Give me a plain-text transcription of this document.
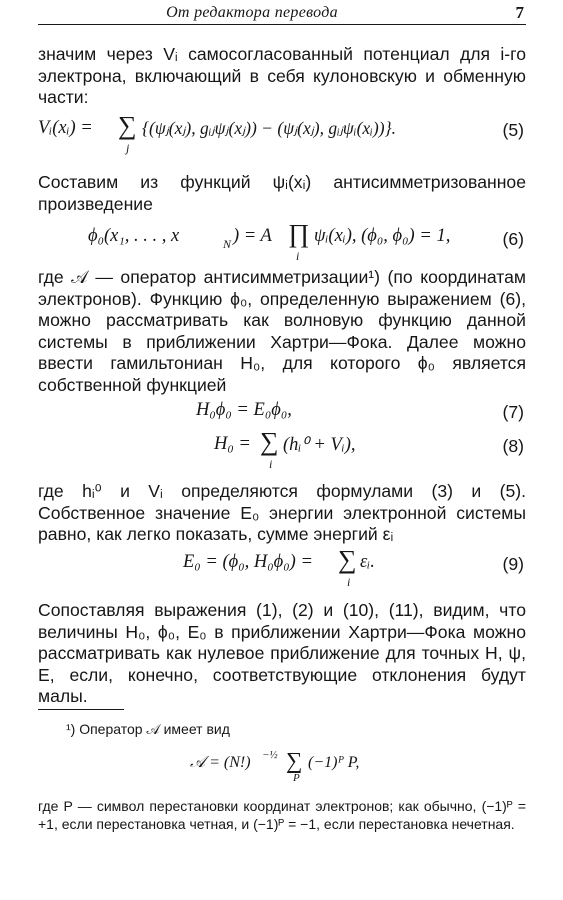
От редактора перевода	7

значим через Vᵢ самосогласованный потенциал для i-го электрона, включающий в себя кулоновскую и обменную части:

Vᵢ(xᵢ) = ∑
j
{(ψⱼ(xⱼ), gᵢⱼψⱼ(xⱼ)) − (ψⱼ(xⱼ), gᵢⱼψᵢ(xᵢ))}.	(5)

Составим из функций ψᵢ(xᵢ) антисимметризованное произведение

ϕ₀(x₁, . . . , x	N ) = A ∏
i
ψᵢ(xᵢ), (ϕ₀, ϕ₀) = 1,	(6)

где 𝒜 — оператор антисимметризации¹) (по координатам электронов). Функцию ϕ₀, определенную выражением (6), можно рассматривать как волновую функцию данной системы в приближении Хартри—Фока. Далее можно ввести гамильтониан H₀, для которого ϕ₀ является собственной функцией

H₀ϕ₀ = E₀ϕ₀,	(7)
H₀ = ∑
i
(hᵢ⁰ + Vᵢ),	(8)

где hᵢ⁰ и Vᵢ определяются формулами (3) и (5). Собственное значение E₀ энергии электронной системы равно, как легко показать, сумме энергий εᵢ

E₀ = (ϕ₀, H₀ϕ₀) = ∑
i
εᵢ.	(9)

Сопоставляя выражения (1), (2) и (10), (11), видим, что величины H₀, ϕ₀, E₀ в приближении Хартри—Фока можно рассматривать как нулевое приближение для точных H, ψ, E, если, конечно, соответствующие отклонения будут малы.

¹) Оператор 𝒜 имеет вид

𝒜 = (N!) −½ ∑
P
(−1)ᴾ P,

где P — символ перестановки координат электронов; как обычно, (−1)ᴾ = +1, если перестановка четная, и (−1)ᴾ = −1, если перестановка нечетная.
